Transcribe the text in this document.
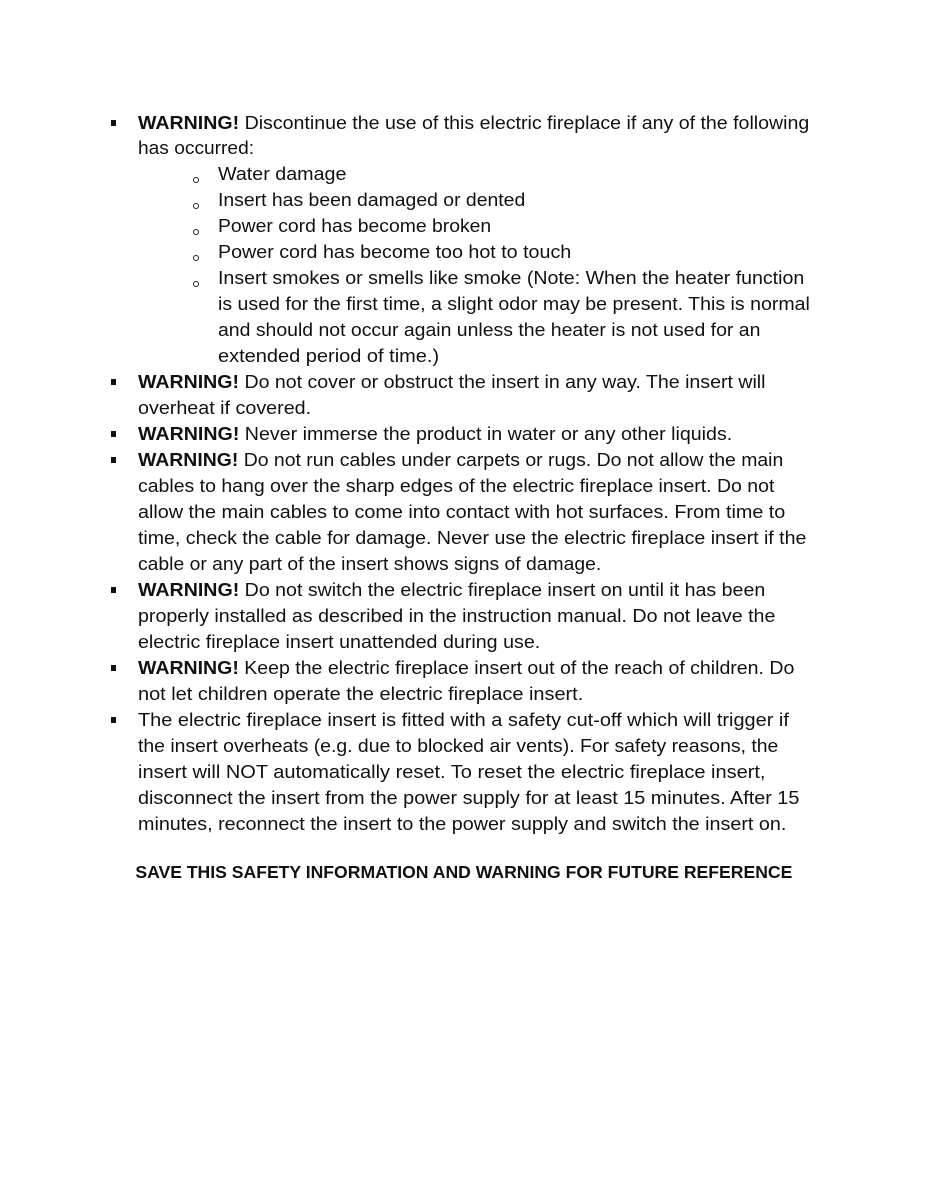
WARNING! Discontinue the use of this electric fireplace if any of the following
has occurred:
Water damage
Insert has been damaged or dented
Power cord has become broken
Power cord has become too hot to touch
Insert smokes or smells like smoke (Note: When the heater function
is used for the first time, a slight odor may be present. This is normal
and should not occur again unless the heater is not used for an
extended period of time.)
WARNING! Do not cover or obstruct the insert in any way. The insert will
overheat if covered.
WARNING! Never immerse the product in water or any other liquids.
WARNING! Do not run cables under carpets or rugs. Do not allow the main
cables to hang over the sharp edges of the electric fireplace insert. Do not
allow the main cables to come into contact with hot surfaces. From time to
time, check the cable for damage. Never use the electric fireplace insert if the
cable or any part of the insert shows signs of damage.
WARNING! Do not switch the electric fireplace insert on until it has been
properly installed as described in the instruction manual. Do not leave the
electric fireplace insert unattended during use.
WARNING! Keep the electric fireplace insert out of the reach of children. Do
not let children operate the electric fireplace insert.
The electric fireplace insert is fitted with a safety cut-off which will trigger if
the insert overheats (e.g. due to blocked air vents). For safety reasons, the
insert will NOT automatically reset. To reset the electric fireplace insert,
disconnect the insert from the power supply for at least 15 minutes. After 15
minutes, reconnect the insert to the power supply and switch the insert on.
SAVE THIS SAFETY INFORMATION AND WARNING FOR FUTURE REFERENCE
